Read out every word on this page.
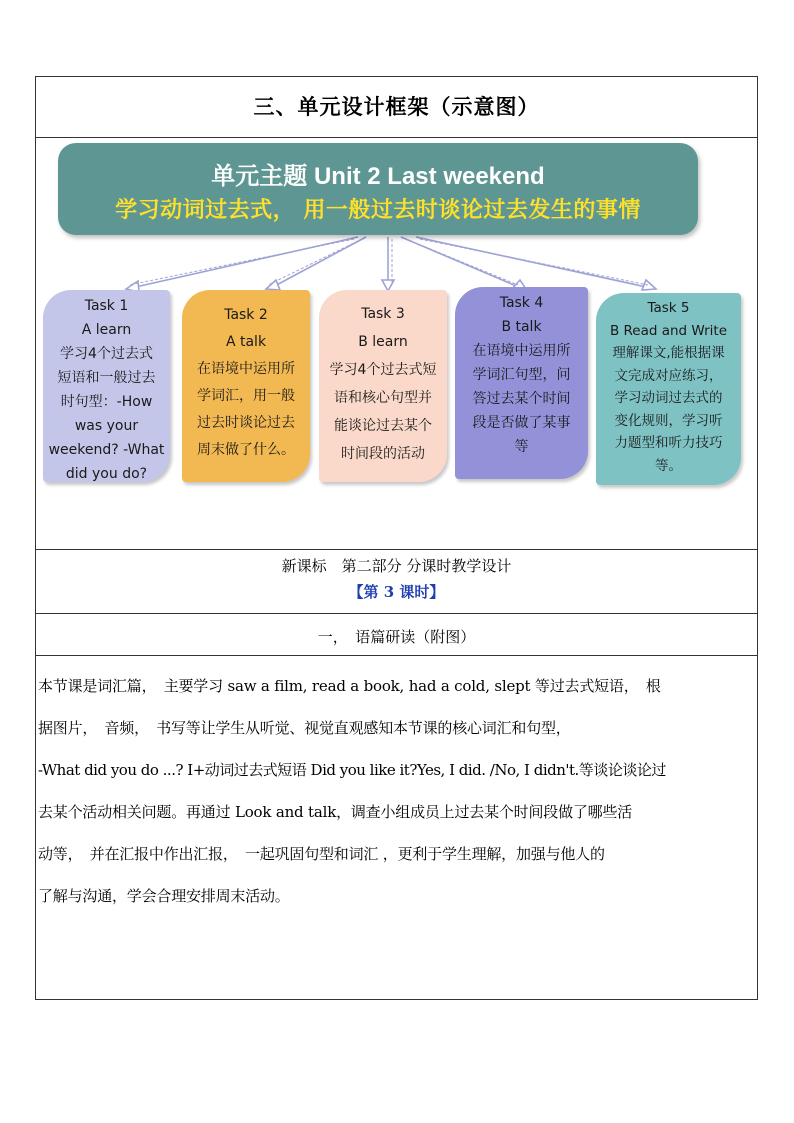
三、单元设计框架（示意图）
单元主题 Unit 2 Last weekend
学习动词过去式， 用一般过去时谈论过去发生的事情
Task 1
A learn
学习4个过去式
短语和一般过去
时句型：-How
was your
weekend? -What
did you do?
Task 2
A talk
在语境中运用所
学词汇，用一般
过去时谈论过去
周末做了什么。
Task 3
B learn
学习4个过去式短
语和核心句型并
能谈论过去某个
时间段的活动
Task 4
B talk
在语境中运用所
学词汇句型，问
答过去某个时间
段是否做了某事
等
Task 5
B Read and Write
理解课文,能根据课
文完成对应练习，
学习动词过去式的
变化规则，学习听
力题型和听力技巧
等。
新课标　第二部分 分课时教学设计
【第 3 课时】
一，　语篇研读（附图）
本节课是词汇篇，　主要学习 saw a film, read a book, had a cold, slept 等过去式短语，　根
据图片，　音频，　书写等让学生从听觉、视觉直观感知本节课的核心词汇和句型，
-What did you do ...? I+动词过去式短语 Did you like it?Yes, I did. /No, I didn't.等谈论谈论过
去某个活动相关问题。再通过 Look and talk，调查小组成员上过去某个时间段做了哪些活
动等，　并在汇报中作出汇报，　一起巩固句型和词汇 ，更利于学生理解，加强与他人的
了解与沟通，学会合理安排周末活动。
